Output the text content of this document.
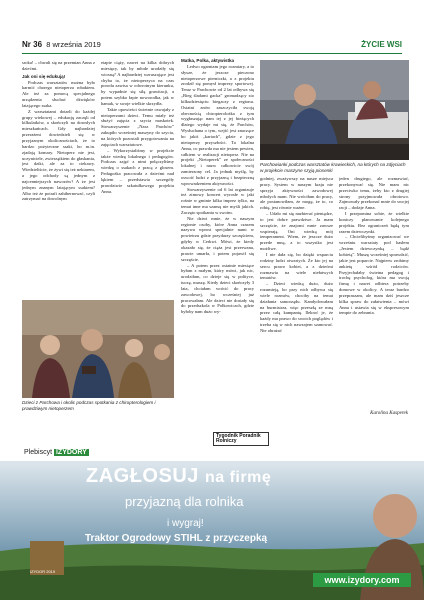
Nr 36 8 września 2019	ŻYCIE WSI

sroka! – chwali się na przemian Anna z dziećmi.

Jak oni się edukują!

Podczas warsztatów można było karmić chorego nietoperza robakiem. Ale też za pomocą specjalnego urządzenia słuchać dźwięków latającego ssaka.

Z warsztatami dotarli do każdej grupy wiekowej – edukację zaczęli od kilkulatków, a skończyli na dorosłych mieszkańcach. Gdy najbardziej przerażeni dowiedzieli się w przyjaznym okolicznościach, że to bardzo pożyteczne ssaki, bo m.in. zjadają komary. Nietoperz nie jest, uczyniciele, zwierzątkiem do głaskania, jest dziki, ale za to ciekawy. Wiedzieliście, że żywi się też nektarem, a jego odchody są jednym z najcenniejszych nawozów? A że jest jednym znanym latającym ssakiem? Albo też że potrafi zahibernować, czyli zatrzymać na dowolnym

etapie ciąży, nawet na kilka dobrych miesięcy, tak by młode urodziły się wiosną? A najbardziej wzruszające jest chyba to, że nietoperzyca na czas porodu zawisa w odwrotnym kierunku, by wypadnie się siłą grawitacji, a potem szybko łapie noworodka, jak w hamak, w swoje wielkie skrzydła.

Takie opowieści świetnie oswajały z nietoperzami dzieci. Temu miały też służyć zajęcia z szycia maskotek. Stowarzyszenie „Nasz Parchów” zakupiło wcześniej maszyny do szycia, na których pozostali przygotowania na zajęciach warsztatowe.

– Wykorzystaliśmy w projekcie także wiedzę lokalnego i pedagogów. Podczas zajęć z nimi połączyliśmy wiedzę o ssakach z pracą z glosem. Pedagożka pracowała z dziećmi nad lękiem – przedstawia szczegóły prawdziwie szkatułkowego projektu Anna.

Matka, Polka, aktywistka

Ledwo ogarniam jego rozmiary, a to słysze, że jeszcze pieczono nietoperzowe pierniczki, a z projektu zrodził się pomysł imprezy sportowej. Teraz w Parchowie od 2 lat odbywa się „Bieg śladami gacka” gromadzący sto kilkudziesięciu biegaczy z regionu. Ostatni znów zaszczyciła swoją obecnością chiropterolożka z tym wygłaszając nam tej z jej bieżących dlatego wydaje mi się, że Parchów, Wysłuchana o tym, wejść jest znaczące bo jakiś „kartach”, gdzie z jego nietoperzy przyszłości. Ta lokalna Anna, co prawda ma nie jestem pewien, całkiem w realizacji nietoperz. Nie na projekt „Nietoperek” ze społeczności lokalnej i nazw całkowicie swój zamierzony cel. Ja jednak myślę, by oswoić ludzi z przyjazną i bezpieczną wprowadzeniem aktywności.

Stowarzyszenie od 6 lat organizuje też zimowy koncert wyrosłe w jaki rośnie w gminie kilka imprez tylko, na temat inne ma szansę nie myśli jakich. Zaczęto spotkania w swoim.

Nie dziwi mnie, że w naszym regionie osoby, które Anna czasem nazywa wprost specjalnie nami w powietrzu gdzie przydarzy szczęściem, gdyby w Cerkwi. Mówi, że kiedy okazało się, że ciąża jest przerwana, prawie umarła, i potem pojawił się szczęście.

– A potem przez ostatnie miesiące byłam z małym, który mówi, jak nic, urodziłam, co dzieje się w polityce, tuczę, muszę. Kiedy dzieci skończyły 3 lata, chciałam wrócić do pracy zawodowej, bo wcześniej już pracowałam. Ale dzieci nie dostały się do przedszkola w Połkowicach, gdzie byłoby nam dużo wy-

Parchowianki podczas warsztatów krawieckich, na których na zdjęciach w projekcie maszyne szyją piosenki

godniej, zważywszy na nasze miejsca pracy. System w naszym kraju nie sprzyja aktywności zawodowej młodych mam. Nie wróciłam do pracy, ale postanowiłam, że mogę, że to, co robię, jest równie ważne.

– Udało mi się nazbierać pieniądze, to jest dobre prawdziwe. Ja mam szczęście, że znajomi mnie zawsze wspierają. Oni wiedzą mój temperament. Wiem, że jeszcze dużo przede mną, a to wszystko jest możliwe.

I nie dała się, bo dzięki wsparciu rodziny ludzi otwartych. Że kto jej na sercu prawo kobiet, a z dziećmi rozmawia na wiele niełatwych tematów.

– Dzieci wiedzą dużo, dużo rozumieją, bo przy nich odbywa się wiele rozmów, chociby na temat działania samorządu. Kandydowałam na burmistrza, więc przeszłą ze mną przez całą kampanię. Ilekroć je, że każdy ma prawo do swoich poglądów i trzeba się w nich nawzajem szanować. Nie obrażać

jeden drugiego, ale rozmawiać, przekonywać się. Nie mam nic przeciwko temu, żeby kto z drugiej strony przyjmowała obrotowo. Zajmowały przekonać mnie do swojej racji – dodaje Anna.

I przepomina sobie, że wielkie koniczy planowanie kolejnego projektu. Bez ograniczeń będą tym razem dziewczynki.

– Chcielibyśmy organizować we wrześniu warsztaty pod hasłem „Jestem dziewczynką – bądź kobietą”. Muszę wcześniej sprawdzić, jakie jest poparcie. Najpierw zrobimy ankietę wśród rodziców. Przyjechałaby świetna pedagog i trochę psycholog, która ma swoją firmę i nawet odbiera potrzeby domowe w okolicy. A teraz bardzo przepraszam, ale mam dziś jeszcze kilka spraw do załatwienia – mówi Anna i ustawia się w ekspresowym tempie do zebrania.

Karolina Kasperek
Dzieci z Parchowa i okolic podczas spotkania z chiropterologiem i prawdziwym nietoperzem
Plebiscyt IZYDORY
Tygodnik Poradnik Rolniczy
ZAGŁOSUJ na firmę
przyjazną dla rolnika
i wygraj!
Traktor Ogrodowy STIHL z przyczepką
IZYDOR 2019
www.izydory.com
